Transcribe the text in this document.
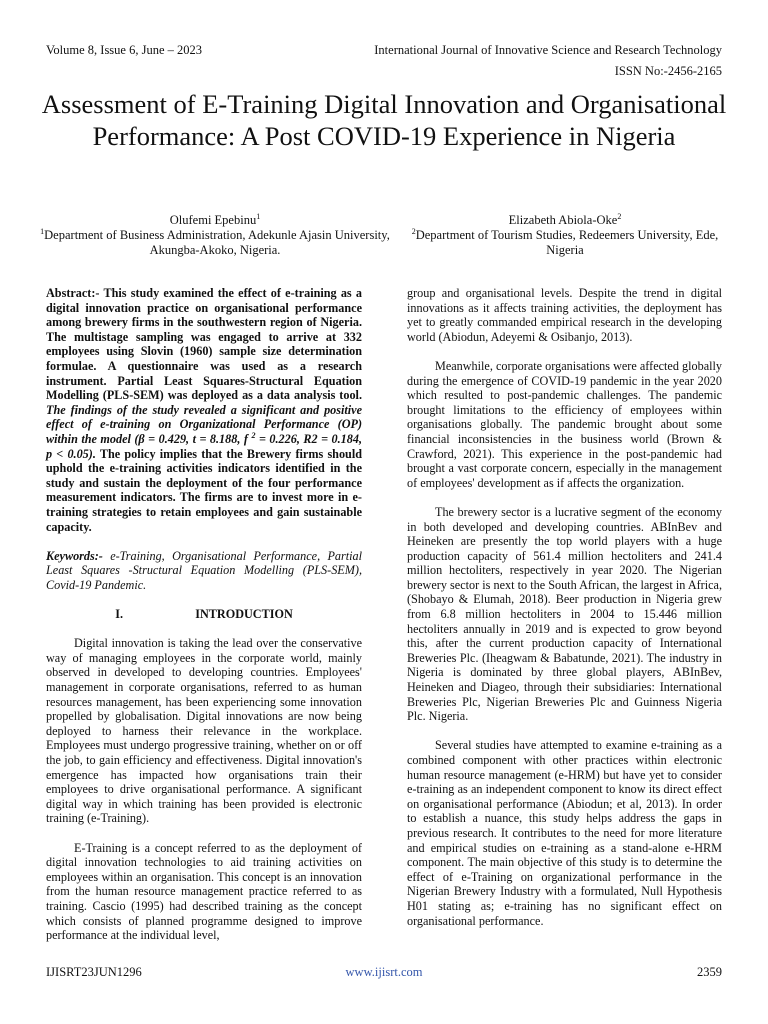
Volume 8, Issue 6, June – 2023	International Journal of Innovative Science and Research Technology
ISSN No:-2456-2165
Assessment of E-Training Digital Innovation and Organisational Performance: A Post COVID-19 Experience in Nigeria
Olufemi Epebinu$^1$
$^1$Department of Business Administration, Adekunle Ajasin University, Akungba-Akoko, Nigeria.
Elizabeth Abiola-Oke$^2$
$^2$Department of Tourism Studies, Redeemers University, Ede, Nigeria

Abstract:- This study examined the effect of e-training as a digital innovation practice on organisational performance among brewery firms in the southwestern region of Nigeria. The multistage sampling was engaged to arrive at 332 employees using Slovin (1960) sample size determination formulae. A questionnaire was used as a research instrument. Partial Least Squares-Structural Equation Modelling (PLS-SEM) was deployed as a data analysis tool. The findings of the study revealed a significant and positive effect of e-training on Organizational Performance (OP) within the model (β = 0.429, t = 8.188, f $^2$ = 0.226, R2 = 0.184, p < 0.05). The policy implies that the Brewery firms should uphold the e-training activities indicators identified in the study and sustain the deployment of the four performance measurement indicators. The firms are to invest more in e-training strategies to retain employees and gain sustainable capacity.

Keywords:- e-Training, Organisational Performance, Partial Least Squares -Structural Equation Modelling (PLS-SEM), Covid-19 Pandemic.

I.	INTRODUCTION

Digital innovation is taking the lead over the conservative way of managing employees in the corporate world, mainly observed in developed to developing countries. Employees' management in corporate organisations, referred to as human resources management, has been experiencing some innovation propelled by globalisation. Digital innovations are now being deployed to harness their relevance in the workplace. Employees must undergo progressive training, whether on or off the job, to gain efficiency and effectiveness. Digital innovation's emergence has impacted how organisations train their employees to drive organisational performance. A significant digital way in which training has been provided is electronic training (e-Training).

E-Training is a concept referred to as the deployment of digital innovation technologies to aid training activities on employees within an organisation. This concept is an innovation from the human resource management practice referred to as training. Cascio (1995) had described training as the concept which consists of planned programme designed to improve performance at the individual level,

group and organisational levels. Despite the trend in digital innovations as it affects training activities, the deployment has yet to greatly commanded empirical research in the developing world (Abiodun, Adeyemi & Osibanjo, 2013).

Meanwhile, corporate organisations were affected globally during the emergence of COVID-19 pandemic in the year 2020 which resulted to post-pandemic challenges. The pandemic brought limitations to the efficiency of employees within organisations globally. The pandemic brought about some financial inconsistencies in the business world (Brown & Crawford, 2021). This experience in the post-pandemic had brought a vast corporate concern, especially in the management of employees' development as if affects the organization.

The brewery sector is a lucrative segment of the economy in both developed and developing countries. ABInBev and Heineken are presently the top world players with a huge production capacity of 561.4 million hectoliters and 241.4 million hectoliters, respectively in year 2020. The Nigerian brewery sector is next to the South African, the largest in Africa, (Shobayo & Elumah, 2018). Beer production in Nigeria grew from 6.8 million hectoliters in 2004 to 15.446 million hectoliters annually in 2019 and is expected to grow beyond this, after the current production capacity of International Breweries Plc. (Iheagwam & Babatunde, 2021). The industry in Nigeria is dominated by three global players, ABInBev, Heineken and Diageo, through their subsidiaries: International Breweries Plc, Nigerian Breweries Plc and Guinness Nigeria Plc. Nigeria.

Several studies have attempted to examine e-training as a combined component with other practices within electronic human resource management (e-HRM) but have yet to consider e-training as an independent component to know its direct effect on organisational performance (Abiodun; et al, 2013). In order to establish a nuance, this study helps address the gaps in previous research. It contributes to the need for more literature and empirical studies on e-training as a stand-alone e-HRM component. The main objective of this study is to determine the effect of e-Training on organizational performance in the Nigerian Brewery Industry with a formulated, Null Hypothesis H01 stating as; e-training has no significant effect on organisational performance.

IJISRT23JUN1296	www.ijisrt.com	2359
